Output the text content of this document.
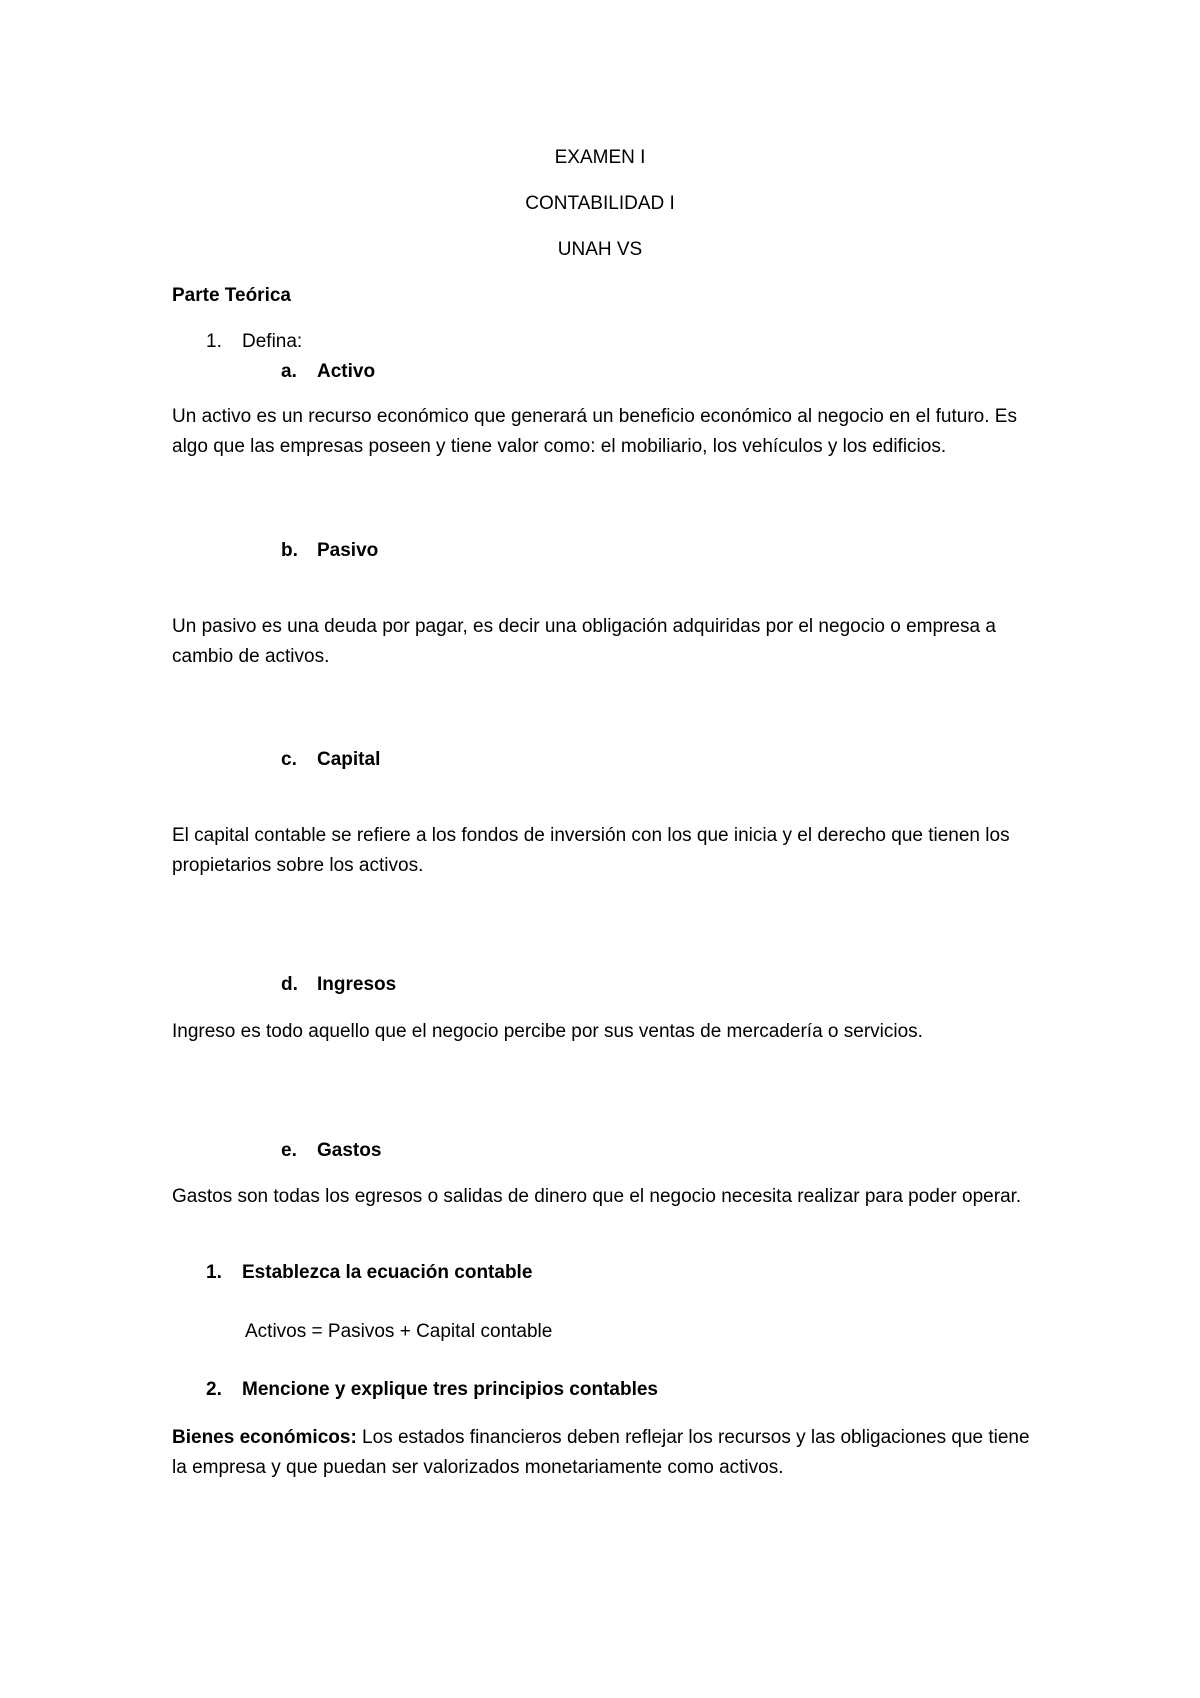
EXAMEN I
CONTABILIDAD I
UNAH VS
Parte Teórica
1. Defina:
a. Activo
Un activo es un recurso económico que generará un beneficio económico al negocio en el futuro. Es algo que las empresas poseen y tiene valor como: el mobiliario, los vehículos y los edificios.
b. Pasivo
Un pasivo es una deuda por pagar, es decir una obligación adquiridas por el negocio o empresa a cambio de activos.
c. Capital
El capital contable se refiere a los fondos de inversión con los que inicia y el derecho que tienen los propietarios sobre los activos.
d. Ingresos
Ingreso es todo aquello que el negocio percibe por sus ventas de mercadería o servicios.
e. Gastos
Gastos son todas los egresos o salidas de dinero que el negocio necesita realizar para poder operar.
1. Establezca la ecuación contable
Activos = Pasivos + Capital contable
2. Mencione y explique tres principios contables
Bienes económicos: Los estados financieros deben reflejar los recursos y las obligaciones que tiene la empresa y que puedan ser valorizados monetariamente como activos.
